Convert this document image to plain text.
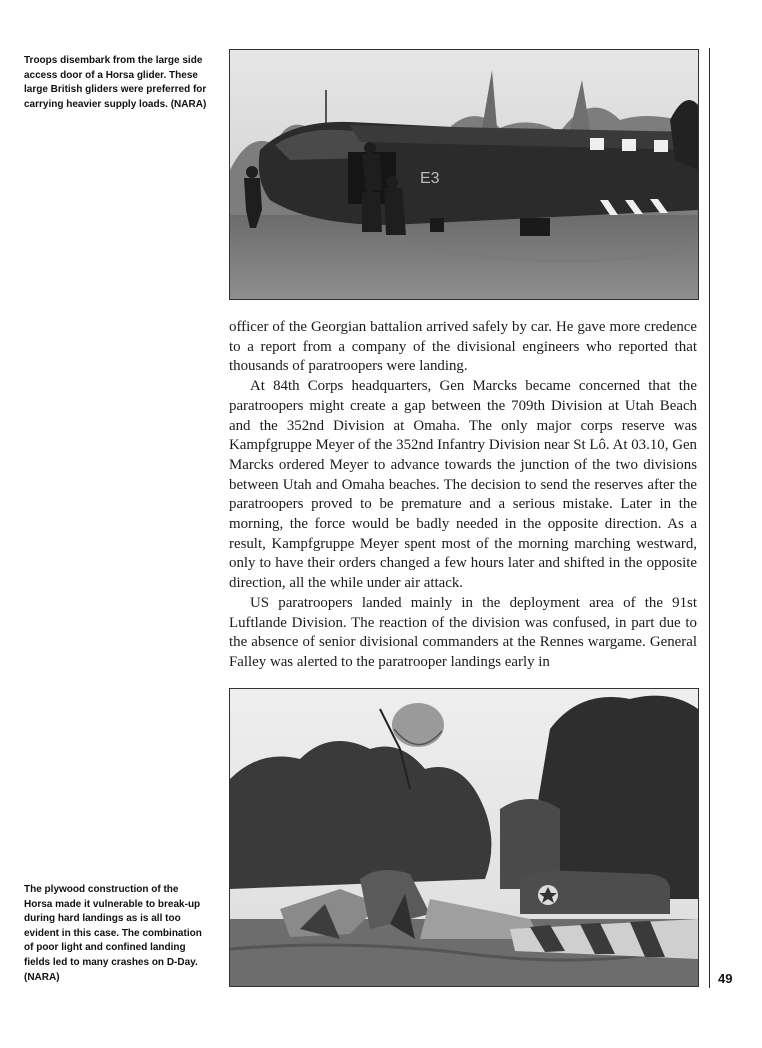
Troops disembark from the large side access door of a Horsa glider. These large British gliders were preferred for carrying heavier supply loads. (NARA)
E3

officer of the Georgian battalion arrived safely by car. He gave more credence to a report from a company of the divisional engineers who reported that thousands of paratroopers were landing.

At 84th Corps headquarters, Gen Marcks became concerned that the paratroopers might create a gap between the 709th Division at Utah Beach and the 352nd Division at Omaha. The only major corps reserve was Kampfgruppe Meyer of the 352nd Infantry Division near St Lô. At 03.10, Gen Marcks ordered Meyer to advance towards the junction of the two divisions between Utah and Omaha beaches. The decision to send the reserves after the paratroopers proved to be premature and a serious mistake. Later in the morning, the force would be badly needed in the opposite direction. As a result, Kampfgruppe Meyer spent most of the morning marching westward, only to have their orders changed a few hours later and shifted in the opposite direction, all the while under air attack.

US paratroopers landed mainly in the deployment area of the 91st Luftlande Division. The reaction of the division was confused, in part due to the absence of senior divisional commanders at the Rennes wargame. General Falley was alerted to the paratrooper landings early in

The plywood construction of the Horsa made it vulnerable to break-up during hard landings as is all too evident in this case. The combination of poor light and confined landing fields led to many crashes on D-Day. (NARA)	49
